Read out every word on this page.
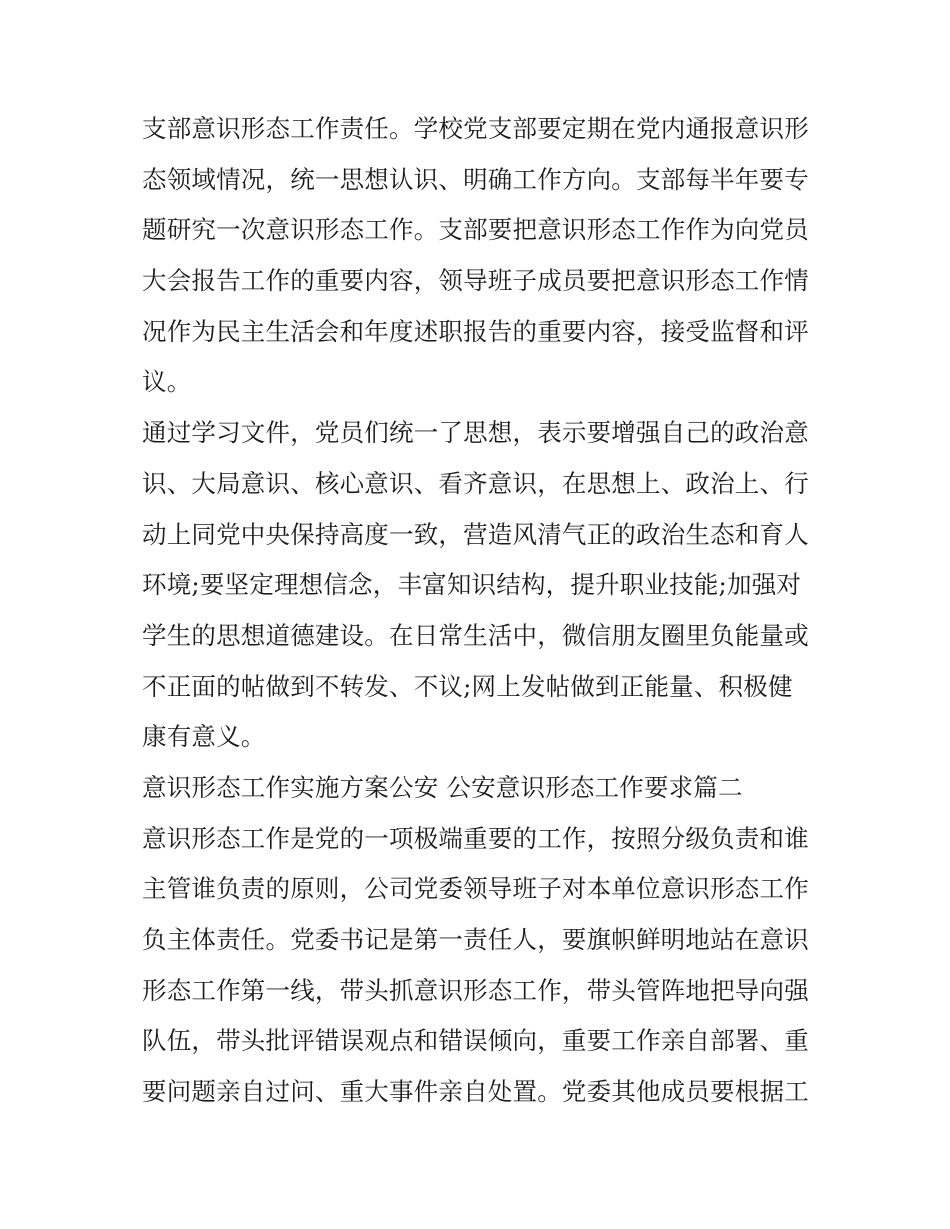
支部意识形态工作责任。学校党支部要定期在党内通报意识形
态领域情况，统一思想认识、明确工作方向。支部每半年要专
题研究一次意识形态工作。支部要把意识形态工作作为向党员
大会报告工作的重要内容，领导班子成员要把意识形态工作情
况作为民主生活会和年度述职报告的重要内容，接受监督和评
议。
通过学习文件，党员们统一了思想，表示要增强自己的政治意
识、大局意识、核心意识、看齐意识，在思想上、政治上、行
动上同党中央保持高度一致，营造风清气正的政治生态和育人
环境;要坚定理想信念，丰富知识结构，提升职业技能;加强对
学生的思想道德建设。在日常生活中，微信朋友圈里负能量或
不正面的帖做到不转发、不议;网上发帖做到正能量、积极健
康有意义。
意识形态工作实施方案公安 公安意识形态工作要求篇二
意识形态工作是党的一项极端重要的工作，按照分级负责和谁
主管谁负责的原则，公司党委领导班子对本单位意识形态工作
负主体责任。党委书记是第一责任人，要旗帜鲜明地站在意识
形态工作第一线，带头抓意识形态工作，带头管阵地把导向强
队伍，带头批评错误观点和错误倾向，重要工作亲自部署、重
要问题亲自过问、重大事件亲自处置。党委其他成员要根据工
